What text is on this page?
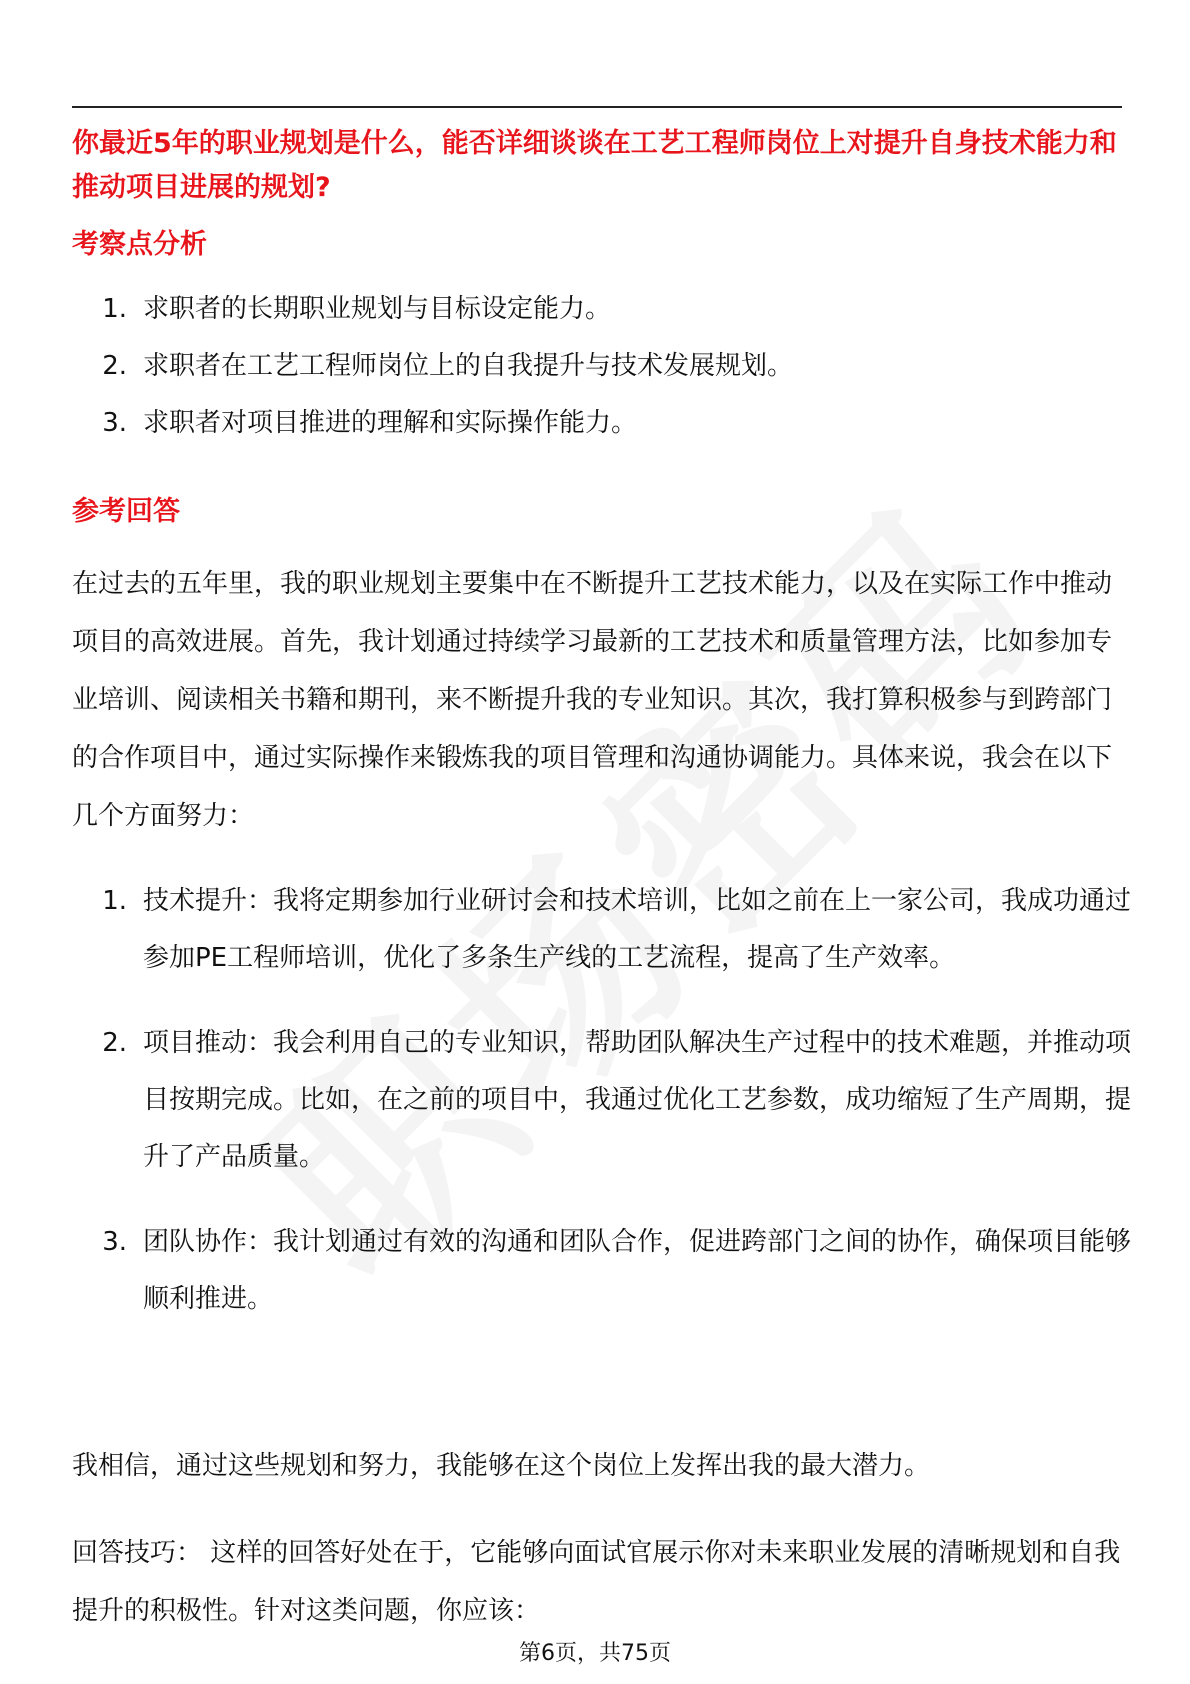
你最近5年的职业规划是什么，能否详细谈谈在工艺工程师岗位上对提升自身技术能力和推动项目进展的规划?
考察点分析
1. 求职者的长期职业规划与目标设定能力。
2. 求职者在工艺工程师岗位上的自我提升与技术发展规划。
3. 求职者对项目推进的理解和实际操作能力。
参考回答
在过去的五年里，我的职业规划主要集中在不断提升工艺技术能力，以及在实际工作中推动项目的高效进展。首先，我计划通过持续学习最新的工艺技术和质量管理方法，比如参加专业培训、阅读相关书籍和期刊，来不断提升我的专业知识。其次，我打算积极参与到跨部门的合作项目中，通过实际操作来锻炼我的项目管理和沟通协调能力。具体来说，我会在以下几个方面努力：
1. 技术提升：我将定期参加行业研讨会和技术培训，比如之前在上一家公司，我成功通过参加PE工程师培训，优化了多条生产线的工艺流程，提高了生产效率。
2. 项目推动：我会利用自己的专业知识，帮助团队解决生产过程中的技术难题，并推动项目按期完成。比如，在之前的项目中，我通过优化工艺参数，成功缩短了生产周期，提升了产品质量。
3. 团队协作：我计划通过有效的沟通和团队合作，促进跨部门之间的协作，确保项目能够顺利推进。
我相信，通过这些规划和努力，我能够在这个岗位上发挥出我的最大潜力。
回答技巧： 这样的回答好处在于，它能够向面试官展示你对未来职业发展的清晰规划和自我提升的积极性。针对这类问题，你应该：
第6页，共75页
